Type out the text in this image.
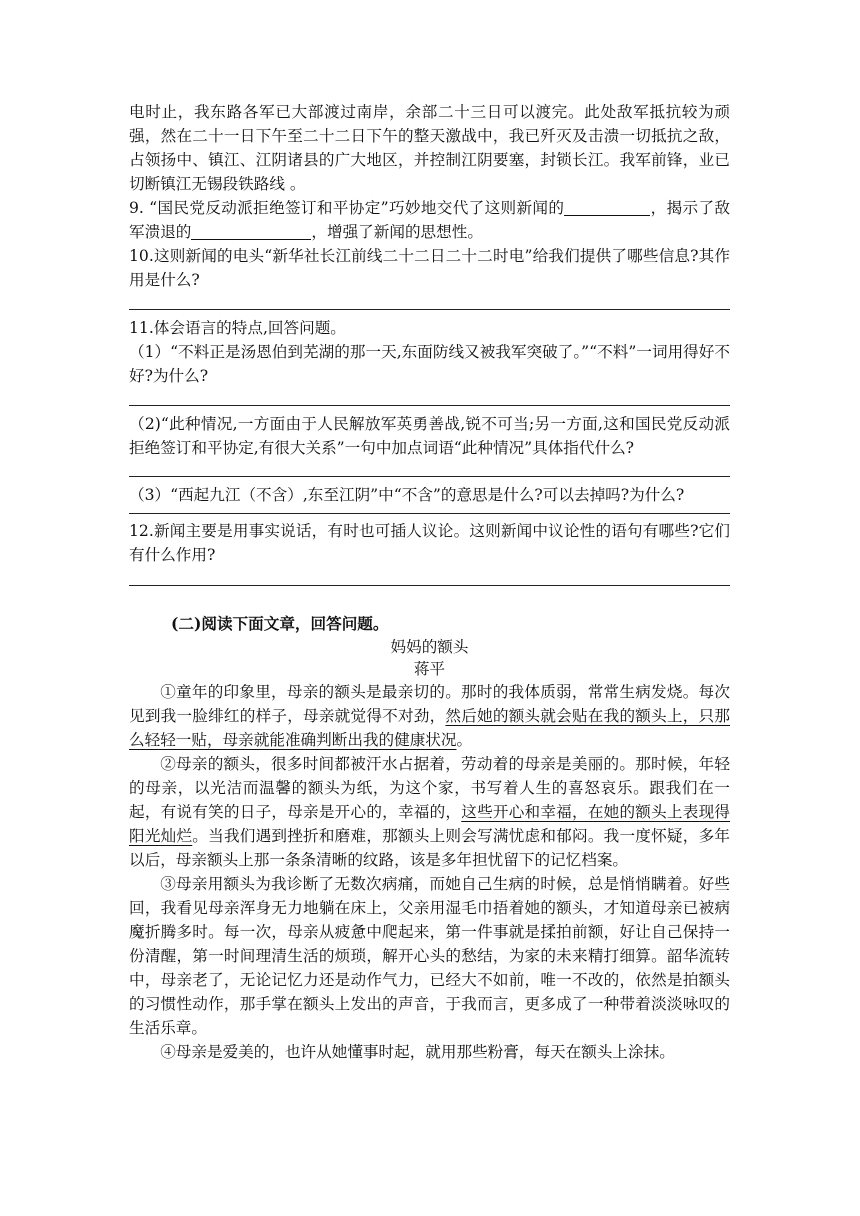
电时止，我东路各军已大部渡过南岸，余部二十三日可以渡完。此处敌军抵抗较为顽强，然在二十一日下午至二十二日下午的整天激战中，我已歼灭及击溃一切抵抗之敌，占领扬中、镇江、江阴诸县的广大地区，并控制江阴要塞，封锁长江。我军前锋，业已切断镇江无锡段铁路线 。

9. “国民党反动派拒绝签订和平协定”巧妙地交代了这则新闻的	，揭示了敌军溃退的	，增强了新闻的思想性。

10.这则新闻的电头“新华社长江前线二十二日二十二时电”给我们提供了哪些信息?其作用是什么?

11.体会语言的特点,回答问题。

（1）“不料正是汤恩伯到芜湖的那一天,东面防线又被我军突破了。”“不料”一词用得好不好?为什么?

（2)“此种情况,一方面由于人民解放军英勇善战,锐不可当;另一方面,这和国民党反动派拒绝签订和平协定,有很大关系”一句中加点词语“此种情况”具体指代什么?

（3）“西起九江（不含）,东至江阴”中“不含”的意思是什么?可以去掉吗?为什么?

12.新闻主要是用事实说话，有时也可插人议论。这则新闻中议论性的语句有哪些?它们有什么作用?

(二)阅读下面文章，回答问题。

妈妈的额头

蒋平

①童年的印象里，母亲的额头是最亲切的。那时的我体质弱，常常生病发烧。每次见到我一脸绯红的样子，母亲就觉得不对劲，然后她的额头就会贴在我的额头上，只那么轻轻一贴，母亲就能准确判断出我的健康状况。

②母亲的额头，很多时间都被汗水占据着，劳动着的母亲是美丽的。那时候，年轻的母亲，以光洁而温馨的额头为纸，为这个家，书写着人生的喜怒哀乐。跟我们在一起，有说有笑的日子，母亲是开心的，幸福的，这些开心和幸福，在她的额头上表现得阳光灿烂。当我们遇到挫折和磨难，那额头上则会写满忧虑和郁闷。我一度怀疑，多年以后，母亲额头上那一条条清晰的纹路，该是多年担忧留下的记忆档案。

③母亲用额头为我诊断了无数次病痛，而她自己生病的时候，总是悄悄瞒着。好些回，我看见母亲浑身无力地躺在床上，父亲用湿毛巾捂着她的额头，才知道母亲已被病魔折腾多时。每一次，母亲从疲惫中爬起来，第一件事就是揉拍前额，好让自己保持一份清醒，第一时间理清生活的烦琐，解开心头的愁结，为家的未来精打细算。韶华流转中，母亲老了，无论记忆力还是动作气力，已经大不如前，唯一不改的，依然是拍额头的习惯性动作，那手掌在额头上发出的声音，于我而言，更多成了一种带着淡淡咏叹的生活乐章。

④母亲是爱美的，也许从她懂事时起，就用那些粉膏，每天在额头上涂抹。
